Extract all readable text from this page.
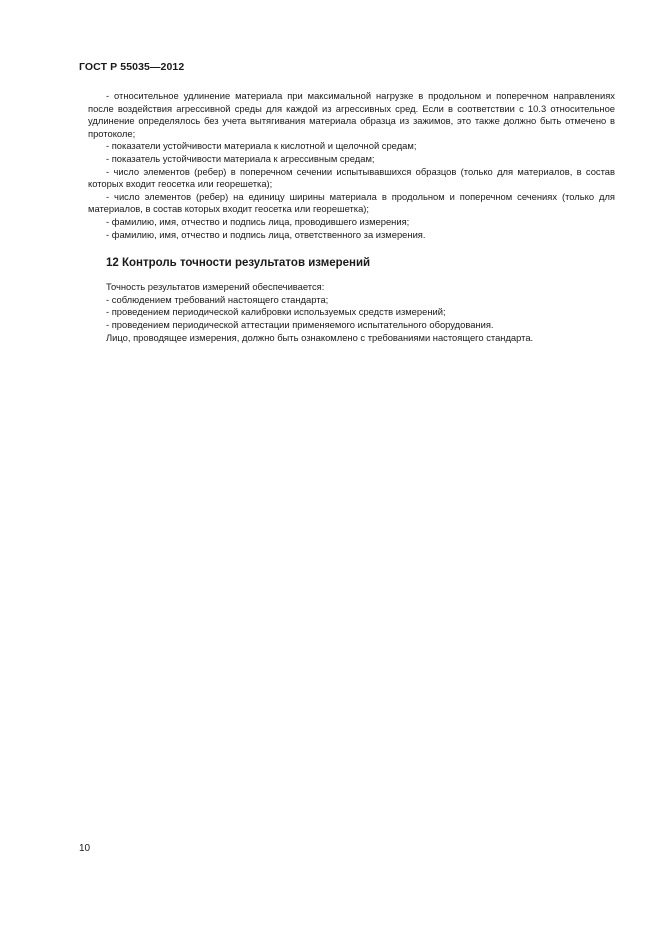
ГОСТ Р 55035—2012

- относительное удлинение материала при максимальной нагрузке в продольном и поперечном направлениях после воздействия агрессивной среды для каждой из агрессивных сред. Если в соответствии с 10.3 относительное удлинение определялось без учета вытягивания материала образца из зажимов, это также должно быть отмечено в протоколе;

- показатели устойчивости материала к кислотной и щелочной средам;

- показатель устойчивости материала к агрессивным средам;

- число элементов (ребер) в поперечном сечении испытывавшихся образцов (только для материалов, в состав которых входит геосетка или георешетка);

- число элементов (ребер) на единицу ширины материала в продольном и поперечном сечениях (только для материалов, в состав которых входит геосетка или георешетка);

- фамилию, имя, отчество и подпись лица, проводившего измерения;

- фамилию, имя, отчество и подпись лица, ответственного за измерения.

12 Контроль точности результатов измерений

Точность результатов измерений обеспечивается:

- соблюдением требований настоящего стандарта;

- проведением периодической калибровки используемых средств измерений;

- проведением периодической аттестации применяемого испытательного оборудования.

Лицо, проводящее измерения, должно быть ознакомлено с требованиями настоящего стандарта.

10
